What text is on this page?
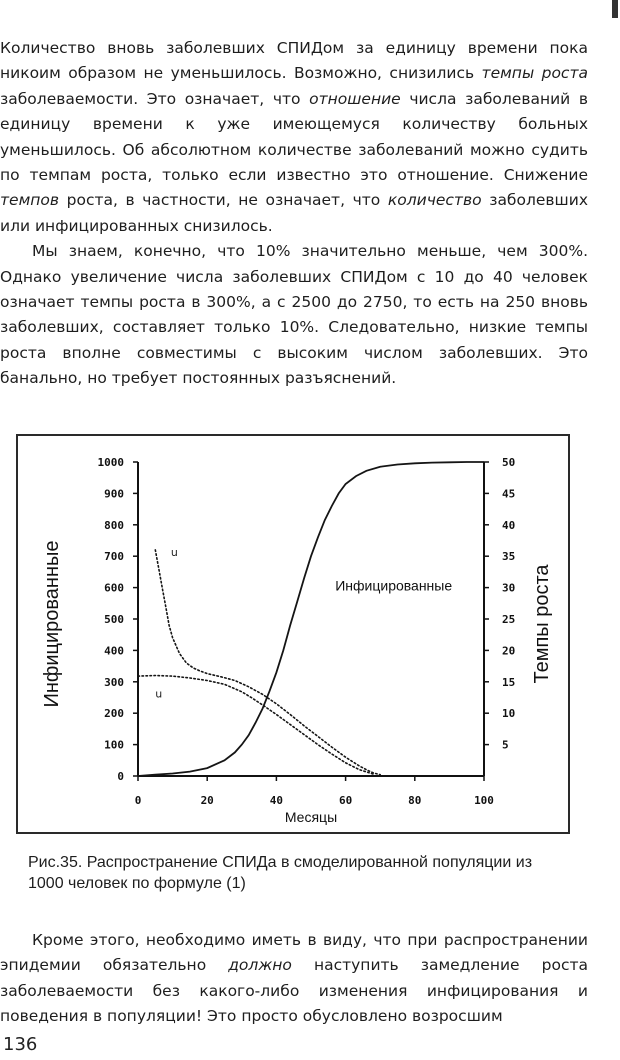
Количество вновь заболевших СПИДом за единицу времени пока никоим образом не уменьшилось. Возможно, снизились темпы роста заболеваемости. Это означает, что отношение числа заболеваний в единицу времени к уже имеющемуся количеству больных уменьшилось. Об абсолютном количестве заболеваний можно судить по темпам роста, только если известно это отношение. Снижение темпов роста, в частности, не означает, что количество заболевших или инфицированных снизилось.

Мы знаем, конечно, что 10% значительно меньше, чем 300%. Однако увеличение числа заболевших СПИДом с 10 до 40 человек означает темпы роста в 300%, а с 2500 до 2750, то есть на 250 вновь заболевших, составляет только 10%. Следовательно, низкие темпы роста вполне совместимы с высоким числом заболевших. Это банально, но требует постоянных разъяснений.

0
100
200
300
400
500
600
700
800
900
1000
5
10
15
20
25
30
35
40
45
50
0	20	40	60	80	100
Инфицированные	Темпы роста
Месяцы
Инфицированные
u
u
Рис.35. Распространение СПИДа в смоделированной популяции из 1000 человек по формуле (1)

Кроме этого, необходимо иметь в виду, что при распространении эпидемии обязательно должно наступить замедление роста заболеваемости без какого-либо изменения инфицирования и поведения в популяции! Это просто обусловлено возросшим

136
